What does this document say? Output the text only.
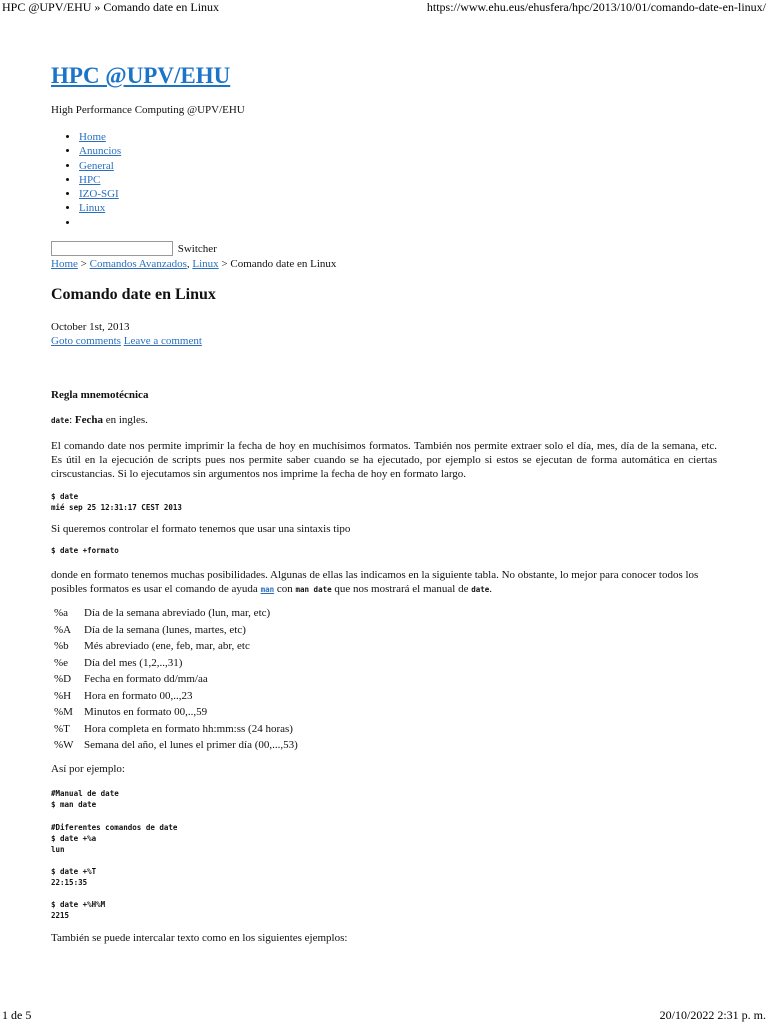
HPC @UPV/EHU » Comando date en Linux	https://www.ehu.eus/ehusfera/hpc/2013/10/01/comando-date-en-linux/
HPC @UPV/EHU
High Performance Computing @UPV/EHU
• Home
• Anuncios
• General
• HPC
• IZO-SGI
• Linux
•
Switcher
Home > Comandos Avanzados, Linux > Comando date en Linux
Comando date en Linux
October 1st, 2013
Goto comments Leave a comment

Regla mnemotécnica

date: Fecha en ingles.

El comando date nos permite imprimir la fecha de hoy en muchísimos formatos. También nos permite extraer solo el día, mes, día de la semana, etc. Es útil en la ejecución de scripts pues nos permite saber cuando se ha ejecutado, por ejemplo si estos se ejecutan de forma automática en ciertas cirscustancias. Si lo ejecutamos sin argumentos nos imprime la fecha de hoy en formato largo.

$ date
mié sep 25 12:31:17 CEST 2013

Si queremos controlar el formato tenemos que usar una sintaxis tipo

$ date +formato

donde en formato tenemos muchas posibilidades. Algunas de ellas las indicamos en la siguiente tabla. No obstante, lo mejor para conocer todos los posibles formatos es usar el comando de ayuda man con man date que nos mostrará el manual de date.

%a	Día de la semana abreviado (lun, mar, etc)
%A	Día de la semana (lunes, martes, etc)
%b	Més abreviado (ene, feb, mar, abr, etc
%e	Día del mes (1,2,..,31)
%D	Fecha en formato dd/mm/aa
%H	Hora en formato 00,..,23
%M	Minutos en formato 00,..,59
%T	Hora completa en formato hh:mm:ss (24 horas)
%W	Semana del año, el lunes el primer día (00,...,53)

Así por ejemplo:

#Manual de date
$ man date
#Diferentes comandos de date
$ date +%a
lun
$ date +%T
22:15:35
$ date +%H%M
2215

También se puede intercalar texto como en los siguientes ejemplos:

1 de 5	20/10/2022 2:31 p. m.
